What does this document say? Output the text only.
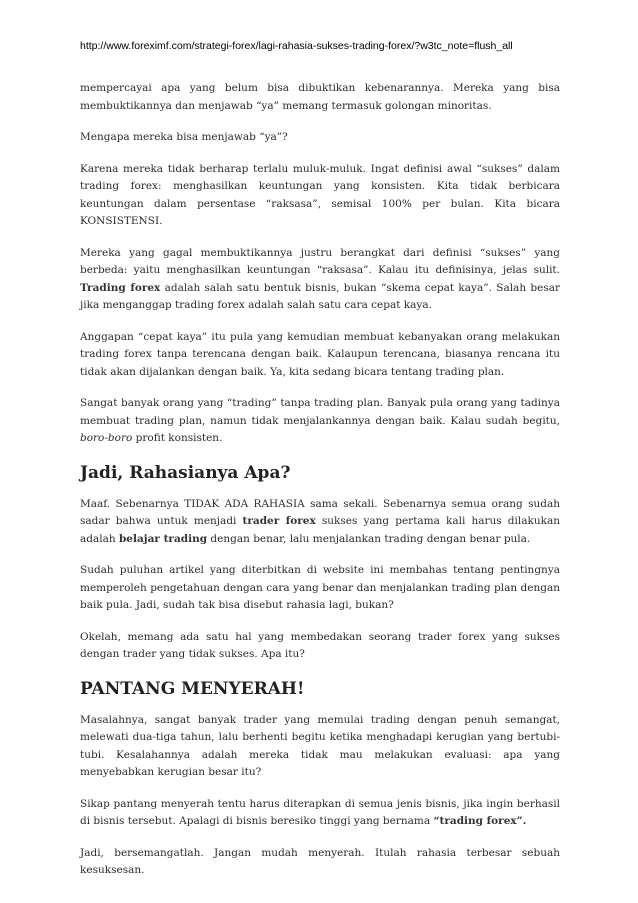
http://www.foreximf.com/strategi-forex/lagi-rahasia-sukses-trading-forex/?w3tc_note=flush_all

mempercayai apa yang belum bisa dibuktikan kebenarannya. Mereka yang bisa membuktikannya dan menjawab “ya” memang termasuk golongan minoritas.

Mengapa mereka bisa menjawab “ya”?

Karena mereka tidak berharap terlalu muluk-muluk. Ingat definisi awal “sukses” dalam trading forex: menghasilkan keuntungan yang konsisten. Kita tidak berbicara keuntungan dalam persentase “raksasa”, semisal 100% per bulan. Kita bicara KONSISTENSI.

Mereka yang gagal membuktikannya justru berangkat dari definisi “sukses” yang berbeda: yaitu menghasilkan keuntungan “raksasa”. Kalau itu definisinya, jelas sulit. Trading forex adalah salah satu bentuk bisnis, bukan “skema cepat kaya”. Salah besar jika menganggap trading forex adalah salah satu cara cepat kaya.

Anggapan “cepat kaya” itu pula yang kemudian membuat kebanyakan orang melakukan trading forex tanpa terencana dengan baik. Kalaupun terencana, biasanya rencana itu tidak akan dijalankan dengan baik. Ya, kita sedang bicara tentang trading plan.

Sangat banyak orang yang “trading” tanpa trading plan. Banyak pula orang yang tadinya membuat trading plan, namun tidak menjalankannya dengan baik. Kalau sudah begitu, boro-boro profit konsisten.

Jadi, Rahasianya Apa?

Maaf. Sebenarnya TIDAK ADA RAHASIA sama sekali. Sebenarnya semua orang sudah sadar bahwa untuk menjadi trader forex sukses yang pertama kali harus dilakukan adalah belajar trading dengan benar, lalu menjalankan trading dengan benar pula.

Sudah puluhan artikel yang diterbitkan di website ini membahas tentang pentingnya memperoleh pengetahuan dengan cara yang benar dan menjalankan trading plan dengan baik pula. Jadi, sudah tak bisa disebut rahasia lagi, bukan?

Okelah, memang ada satu hal yang membedakan seorang trader forex yang sukses dengan trader yang tidak sukses. Apa itu?

PANTANG MENYERAH!

Masalahnya, sangat banyak trader yang memulai trading dengan penuh semangat, melewati dua-tiga tahun, lalu berhenti begitu ketika menghadapi kerugian yang bertubi-tubi. Kesalahannya adalah mereka tidak mau melakukan evaluasi: apa yang menyebabkan kerugian besar itu?

Sikap pantang menyerah tentu harus diterapkan di semua jenis bisnis, jika ingin berhasil di bisnis tersebut. Apalagi di bisnis beresiko tinggi yang bernama “trading forex”.

Jadi, bersemangatlah. Jangan mudah menyerah. Itulah rahasia terbesar sebuah kesuksesan.
